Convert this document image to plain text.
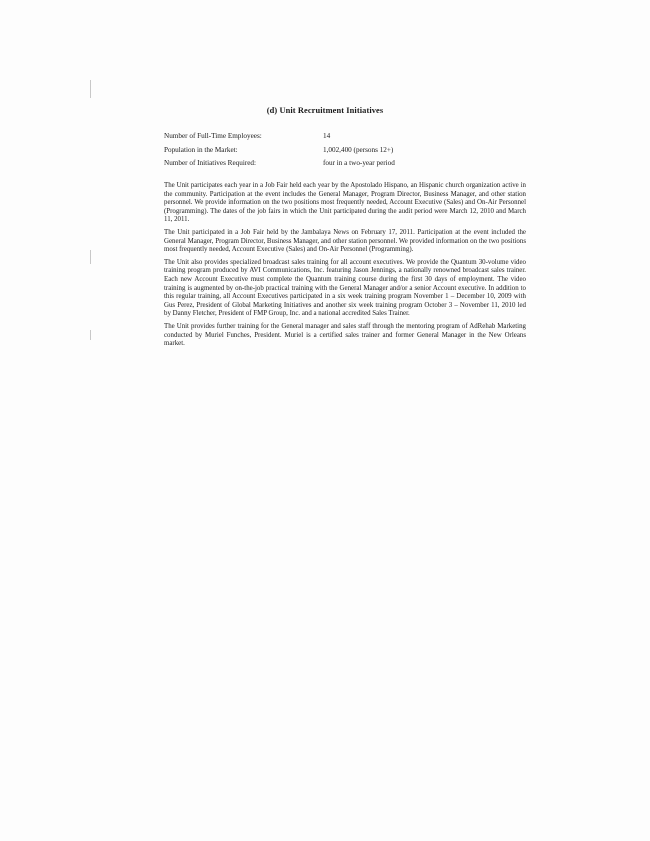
(d) Unit Recruitment Initiatives
Number of Full-Time Employees:	14
Population in the Market:	1,002,400 (persons 12+)
Number of Initiatives Required:	four in a two-year period

The Unit participates each year in a Job Fair held each year by the Apostolado Hispano, an Hispanic church organization active in the community. Participation at the event includes the General Manager, Program Director, Business Manager, and other station personnel. We provide information on the two positions most frequently needed, Account Executive (Sales) and On-Air Personnel (Programming). The dates of the job fairs in which the Unit participated during the audit period were March 12, 2010 and March 11, 2011.

The Unit participated in a Job Fair held by the Jambalaya News on February 17, 2011. Participation at the event included the General Manager, Program Director, Business Manager, and other station personnel. We provided information on the two positions most frequently needed, Account Executive (Sales) and On-Air Personnel (Programming).

The Unit also provides specialized broadcast sales training for all account executives. We provide the Quantum 30-volume video training program produced by AVI Communications, Inc. featuring Jason Jennings, a nationally renowned broadcast sales trainer. Each new Account Executive must complete the Quantum training course during the first 30 days of employment. The video training is augmented by on-the-job practical training with the General Manager and/or a senior Account executive. In addition to this regular training, all Account Executives participated in a six week training program November 1 – December 10, 2009 with Gus Perez, President of Global Marketing Initiatives and another six week training program October 3 – November 11, 2010 led by Danny Fletcher, President of FMP Group, Inc. and a national accredited Sales Trainer.

The Unit provides further training for the General manager and sales staff through the mentoring program of AdRehab Marketing conducted by Muriel Funches, President. Muriel is a certified sales trainer and former General Manager in the New Orleans market.
